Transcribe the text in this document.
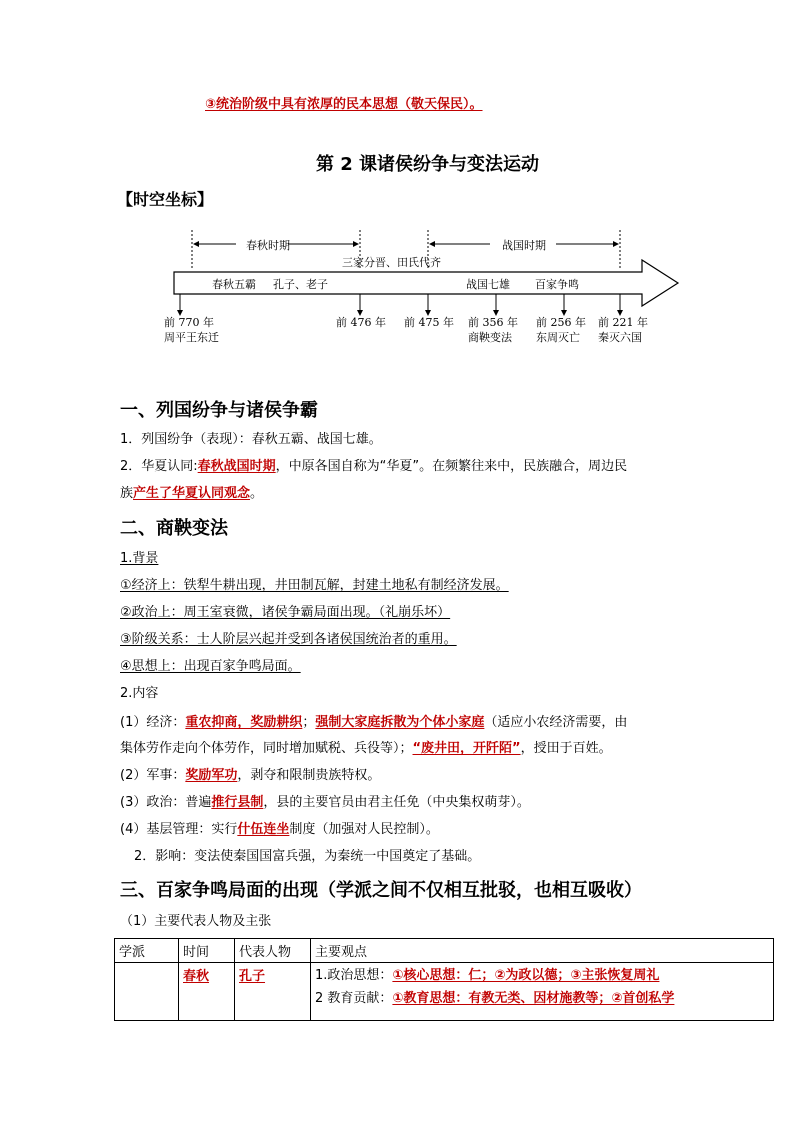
③统治阶级中具有浓厚的民本思想（敬天保民）。
第 2 课诸侯纷争与变法运动
【时空坐标】
春秋时期	战国时期
三家分晋、田氏代齐
春秋五霸 孔子、老子	战国七雄 百家争鸣
前 770 年
周平王东迁
前 476 年 前 475 年 前 356 年
商鞅变法
前 256 年
东周灭亡
前 221 年
秦灭六国
一、列国纷争与诸侯争霸
1．列国纷争（表现）：春秋五霸、战国七雄。
2．华夏认同:春秋战国时期，中原各国自称为“华夏”。在频繁往来中，民族融合，周边民
族产生了华夏认同观念。
二、商鞅变法
1.背景
①经济上：铁犁牛耕出现，井田制瓦解，封建土地私有制经济发展。
②政治上：周王室衰微，诸侯争霸局面出现。（礼崩乐坏）
③阶级关系：士人阶层兴起并受到各诸侯国统治者的重用。
④思想上：出现百家争鸣局面。
2.内容
(1）经济：重农抑商，奖励耕织；强制大家庭拆散为个体小家庭（适应小农经济需要，由
集体劳作走向个体劳作，同时增加赋税、兵役等）；“废井田，开阡陌”，授田于百姓。
(2）军事：奖励军功，剥夺和限制贵族特权。
(3）政治：普遍推行县制，县的主要官员由君主任免（中央集权萌芽）。
(4）基层管理：实行什伍连坐制度（加强对人民控制）。
2．影响：变法使秦国国富兵强，为秦统一中国奠定了基础。
三、百家争鸣局面的出现（学派之间不仅相互批驳，也相互吸收）
（1）主要代表人物及主张
学派	时间	代表人物	主要观点
	春秋	孔子	1.政治思想：①核心思想：仁；②为政以德；③主张恢复周礼
2 教育贡献：①教育思想：有教无类、因材施教等；②首创私学
